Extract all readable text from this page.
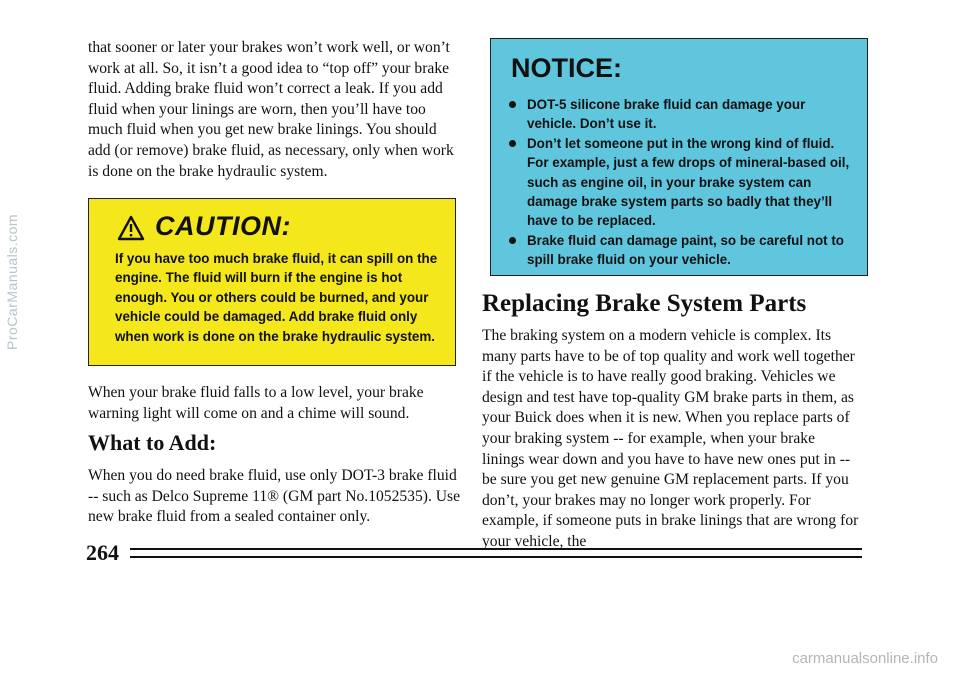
that sooner or later your brakes won’t work well, or won’t work at all. So, it isn’t a good idea to “top off” your brake fluid. Adding brake fluid won’t correct a leak. If you add fluid when your linings are worn, then you’ll have too much fluid when you get new brake linings. You should add (or remove) brake fluid, as necessary, only when work is done on the brake hydraulic system.

CAUTION:
If you have too much brake fluid, it can spill on the engine. The fluid will burn if the engine is hot enough. You or others could be burned, and your vehicle could be damaged. Add brake fluid only when work is done on the brake hydraulic system.

When your brake fluid falls to a low level, your brake warning light will come on and a chime will sound.

What to Add:

When you do need brake fluid, use only DOT-3 brake fluid -- such as Delco Supreme 11® (GM part No.1052535). Use new brake fluid from a sealed container only.

NOTICE:
DOT-5 silicone brake fluid can damage your vehicle. Don’t use it.
Don’t let someone put in the wrong kind of fluid. For example, just a few drops of mineral-based oil, such as engine oil, in your brake system can damage brake system parts so badly that they’ll have to be replaced.
Brake fluid can damage paint, so be careful not to spill brake fluid on your vehicle.
Replacing Brake System Parts

The braking system on a modern vehicle is complex. Its many parts have to be of top quality and work well together if the vehicle is to have really good braking. Vehicles we design and test have top-quality GM brake parts in them, as your Buick does when it is new. When you replace parts of your braking system -- for example, when your brake linings wear down and you have to have new ones put in -- be sure you get new genuine GM replacement parts. If you don’t, your brakes may no longer work properly. For example, if someone puts in brake linings that are wrong for your vehicle, the

264
ProCarManuals.com
carmanualsonline.info
